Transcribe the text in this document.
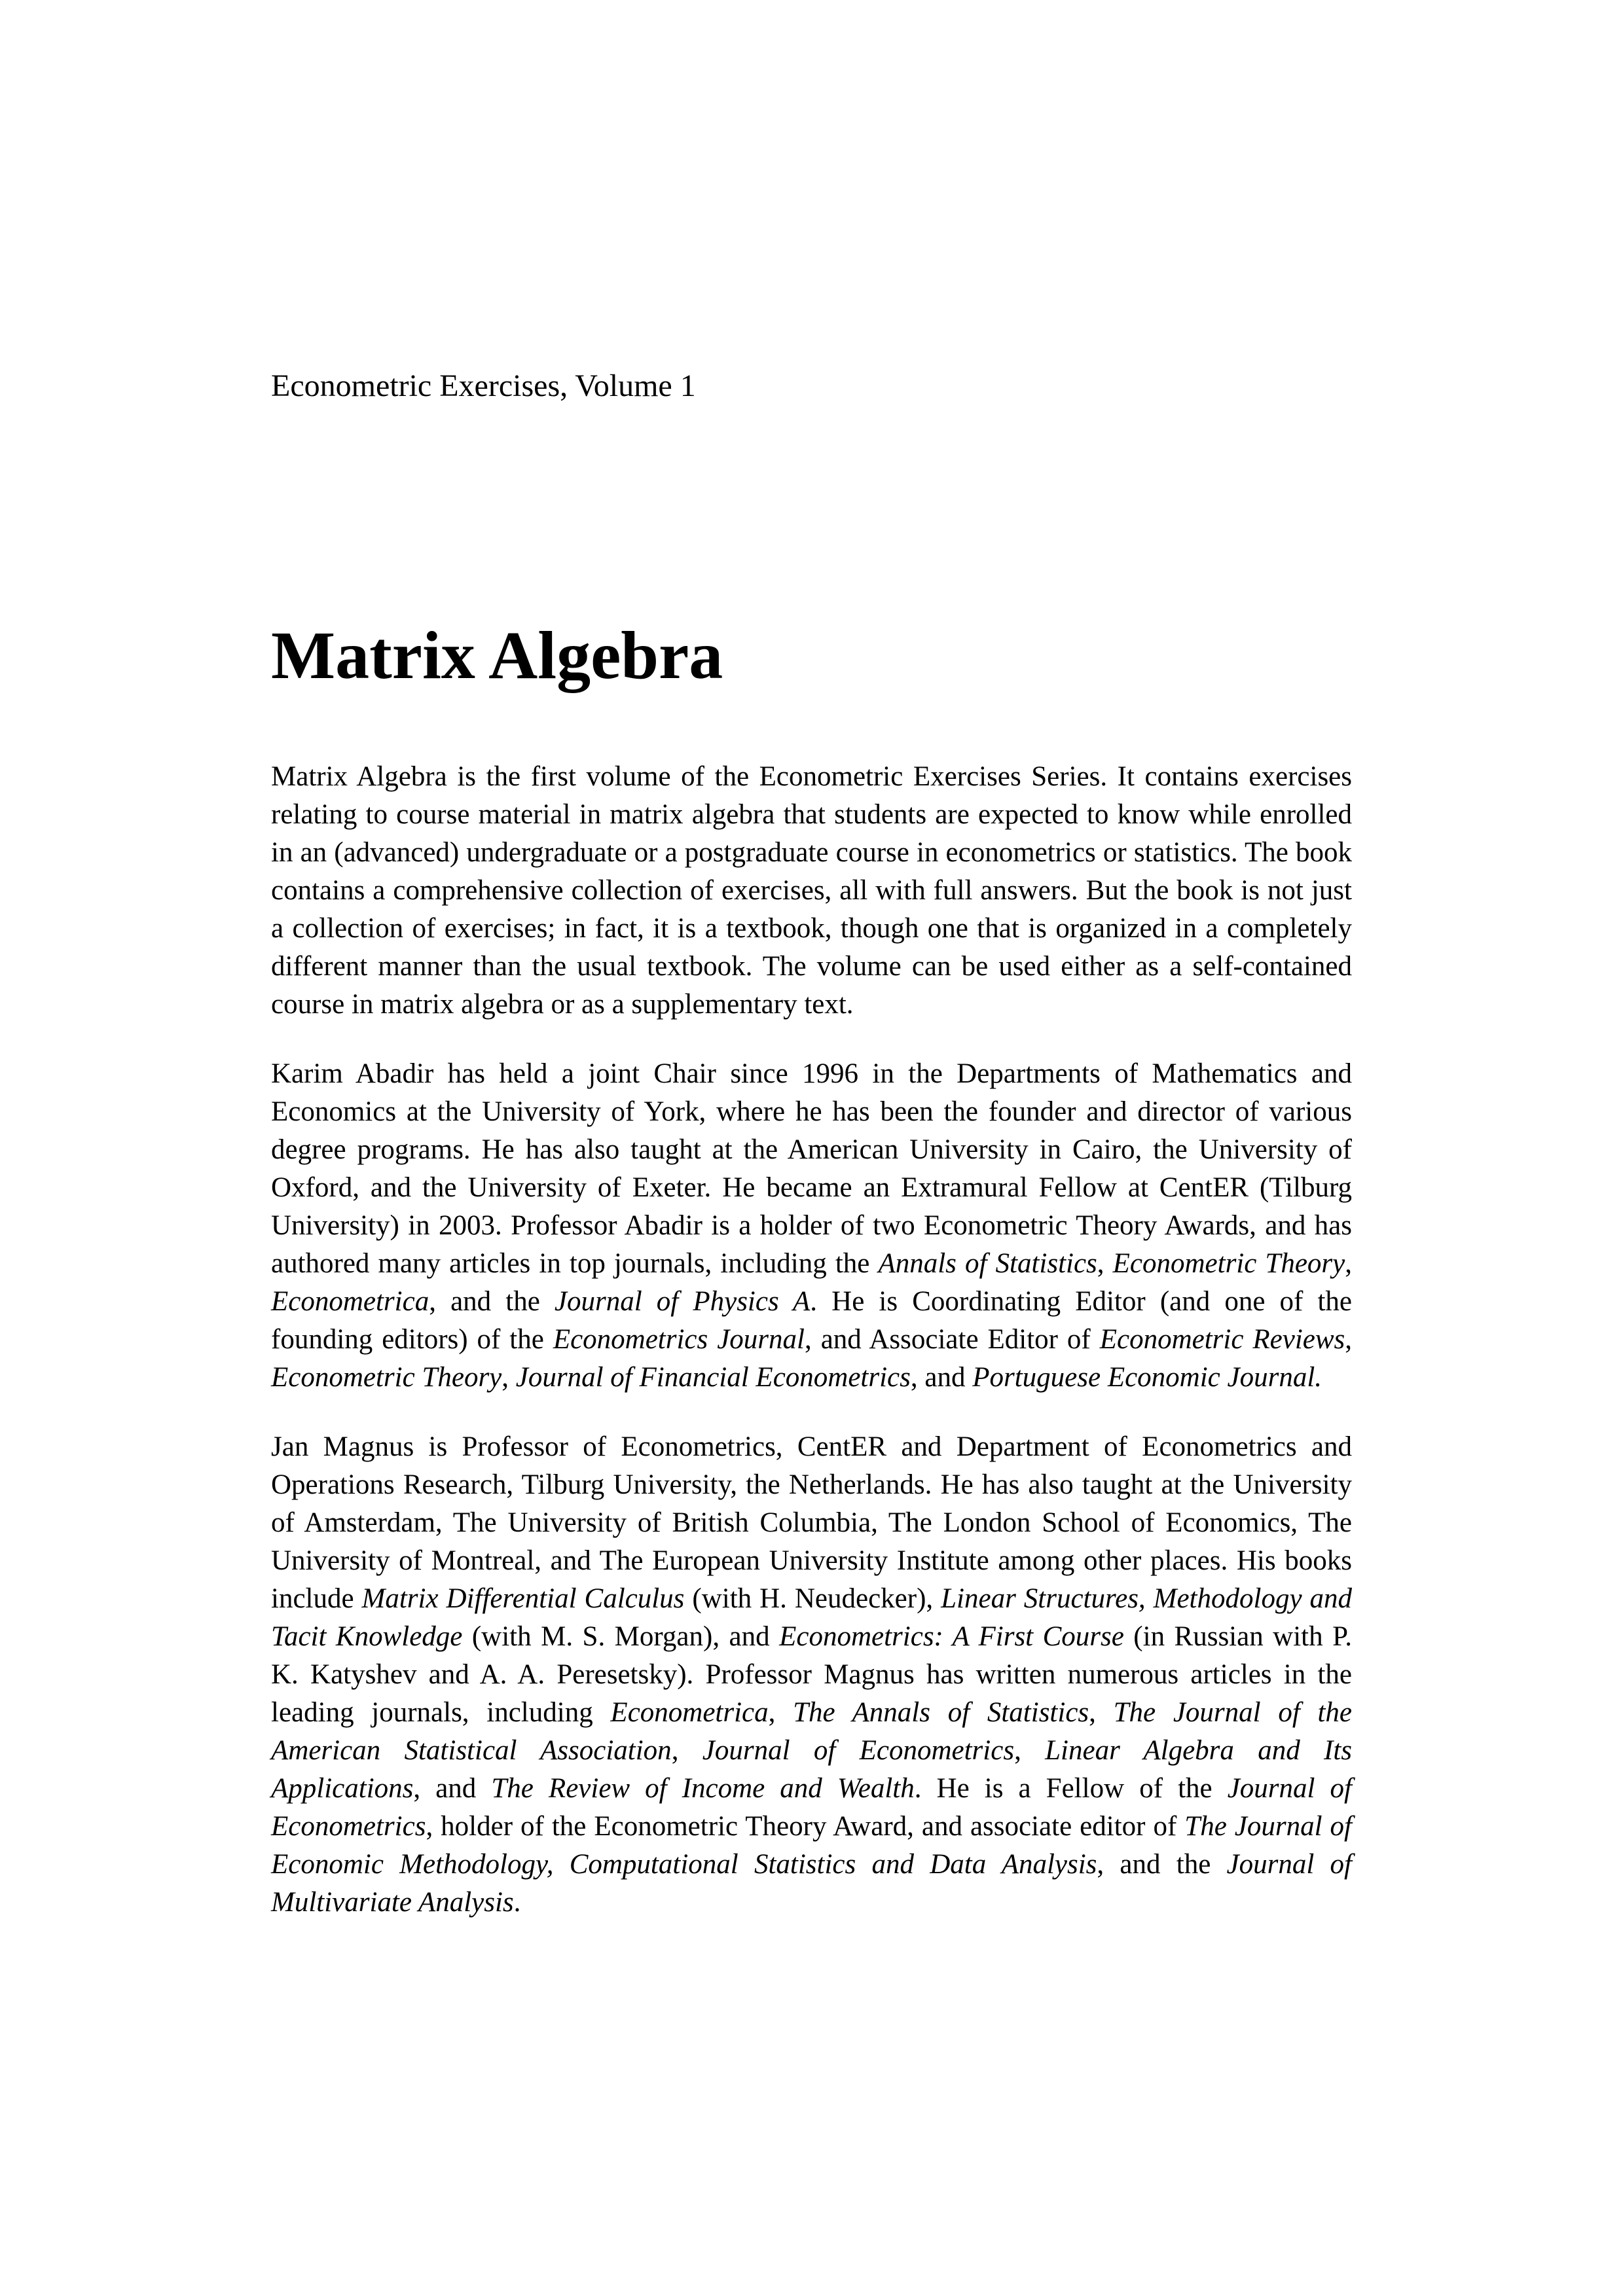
Econometric Exercises, Volume 1
Matrix Algebra

Matrix Algebra is the first volume of the Econometric Exercises Series. It contains exercises relating to course material in matrix algebra that students are expected to know while enrolled in an (advanced) undergraduate or a postgraduate course in econometrics or statistics. The book contains a comprehensive collection of exercises, all with full answers. But the book is not just a collection of exercises; in fact, it is a textbook, though one that is organized in a completely different manner than the usual textbook. The volume can be used either as a self-contained course in matrix algebra or as a supplementary text.

Karim Abadir has held a joint Chair since 1996 in the Departments of Mathematics and Economics at the University of York, where he has been the founder and director of various degree programs. He has also taught at the American University in Cairo, the University of Oxford, and the University of Exeter. He became an Extramural Fellow at CentER (Tilburg University) in 2003. Professor Abadir is a holder of two Econometric Theory Awards, and has authored many articles in top journals, including the Annals of Statistics, Econometric Theory, Econometrica, and the Journal of Physics A. He is Coordinating Editor (and one of the founding editors) of the Econometrics Journal, and Associate Editor of Econometric Reviews, Econometric Theory, Journal of Financial Econometrics, and Portuguese Economic Journal.

Jan Magnus is Professor of Econometrics, CentER and Department of Econometrics and Operations Research, Tilburg University, the Netherlands. He has also taught at the University of Amsterdam, The University of British Columbia, The London School of Economics, The University of Montreal, and The European University Institute among other places. His books include Matrix Differential Calculus (with H. Neudecker), Linear Structures, Methodology and Tacit Knowledge (with M. S. Morgan), and Econometrics: A First Course (in Russian with P. K. Katyshev and A. A. Peresetsky). Professor Magnus has written numerous articles in the leading journals, including Econometrica, The Annals of Statistics, The Journal of the American Statistical Association, Journal of Econometrics, Linear Algebra and Its Applications, and The Review of Income and Wealth. He is a Fellow of the Journal of Econometrics, holder of the Econometric Theory Award, and associate editor of The Journal of Economic Methodology, Computational Statistics and Data Analysis, and the Journal of Multivariate Analysis.
